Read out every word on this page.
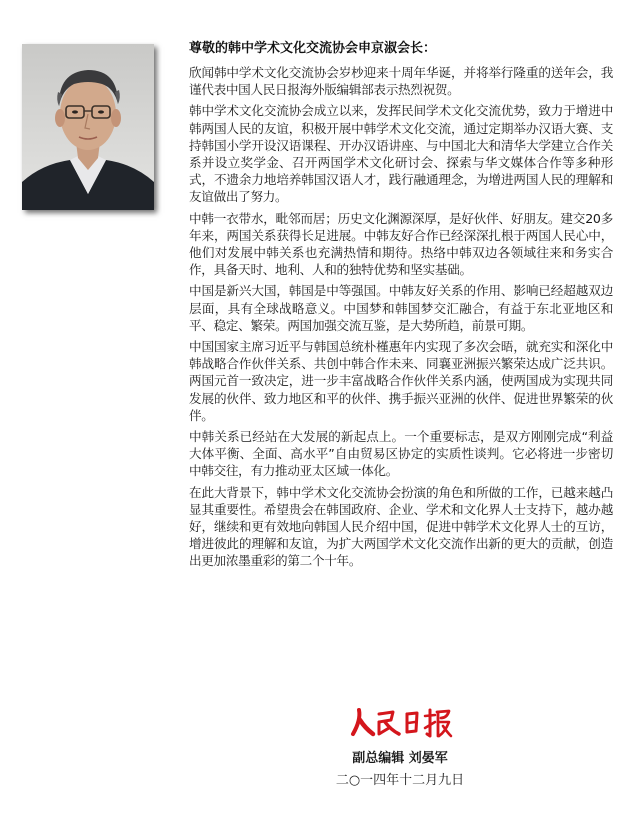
尊敬的韩中学术文化交流协会申京淑会长：

欣闻韩中学术文化交流协会岁杪迎来十周年华诞，并将举行隆重的送年会，我谨代表中国人民日报海外版编辑部表示热烈祝贺。

韩中学术文化交流协会成立以来，发挥民间学术文化交流优势，致力于增进中韩两国人民的友谊，积极开展中韩学术文化交流，通过定期举办汉语大赛、支持韩国小学开设汉语课程、开办汉语讲座、与中国北大和清华大学建立合作关系并设立奖学金、召开两国学术文化研讨会、探索与华文媒体合作等多种形式，不遗余力地培养韩国汉语人才，践行融通理念，为增进两国人民的理解和友谊做出了努力。

中韩一衣带水，毗邻而居；历史文化渊源深厚，是好伙伴、好朋友。建交20多年来，两国关系获得长足进展。中韩友好合作已经深深扎根于两国人民心中，他们对发展中韩关系也充满热情和期待。热络中韩双边各领域往来和务实合作，具备天时、地利、人和的独特优势和坚实基础。

中国是新兴大国，韩国是中等强国。中韩友好关系的作用、影响已经超越双边层面，具有全球战略意义。中国梦和韩国梦交汇融合，有益于东北亚地区和平、稳定、繁荣。两国加强交流互鉴，是大势所趋，前景可期。

中国国家主席习近平与韩国总统朴槿惠年内实现了多次会晤，就充实和深化中韩战略合作伙伴关系、共创中韩合作未来、同襄亚洲振兴繁荣达成广泛共识。两国元首一致决定，进一步丰富战略合作伙伴关系内涵，使两国成为实现共同发展的伙伴、致力地区和平的伙伴、携手振兴亚洲的伙伴、促进世界繁荣的伙伴。

中韩关系已经站在大发展的新起点上。一个重要标志，是双方刚刚完成“利益大体平衡、全面、高水平”自由贸易区协定的实质性谈判。它必将进一步密切中韩交往，有力推动亚太区域一体化。

在此大背景下，韩中学术文化交流协会扮演的角色和所做的工作，已越来越凸显其重要性。希望贵会在韩国政府、企业、学术和文化界人士支持下，越办越好，继续和更有效地向韩国人民介绍中国，促进中韩学术文化界人士的互访，增进彼此的理解和友谊，为扩大两国学术文化交流作出新的更大的贡献，创造出更加浓墨重彩的第二个十年。

副总编辑 刘晏军
二○一四年十二月九日
